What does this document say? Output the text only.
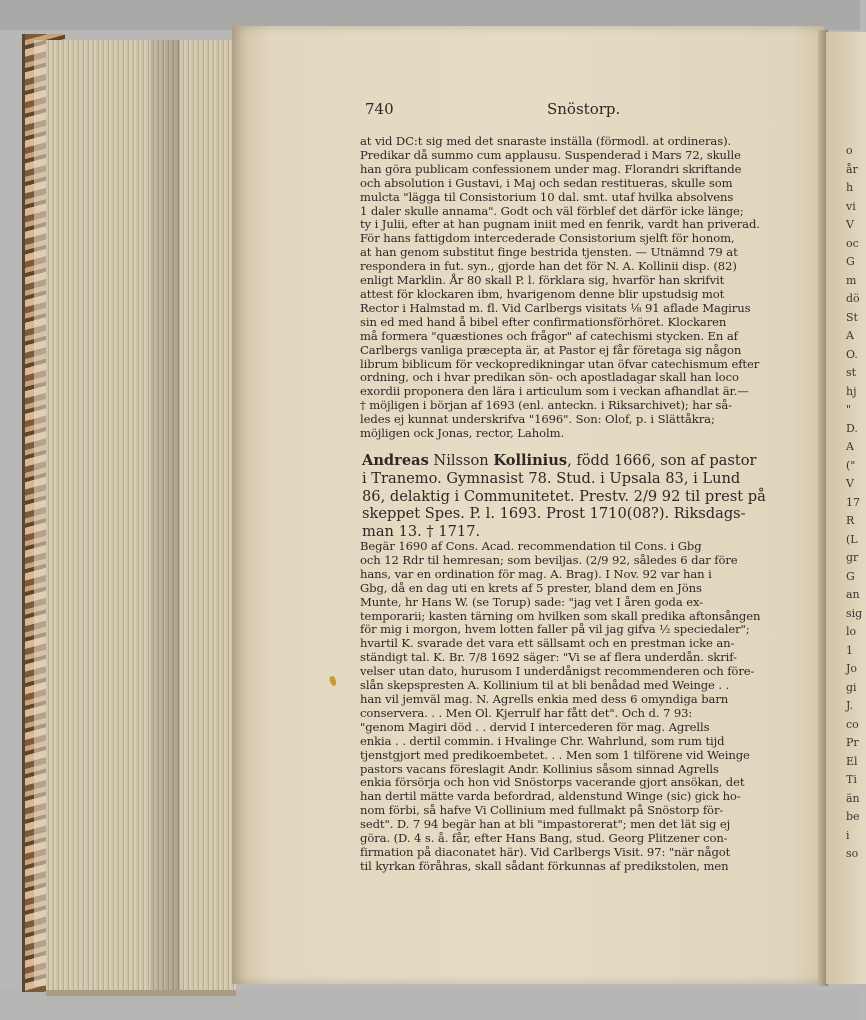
740	Snöstorp.
at vid DC:t sig med det snaraste inställa (förmodl. at ordineras).
Predikar då summo cum applausu. Suspenderad i Mars 72, skulle
han göra publicam confessionem under mag. Florandri skriftande
och absolution i Gustavi, i Maj och sedan restitueras, skulle som
mulcta "lägga til Consistorium 10 dal. smt. utaf hvilka absolvens
1 daler skulle annama". Godt och väl förblef det därför icke länge;
ty i Julii, efter at han pugnam iniit med en fenrik, vardt han priverad.
För hans fattigdom intercederade Consistorium sjelft för honom,
at han genom substitut finge bestrida tjensten. — Utnämnd 79 at
respondera in fut. syn., gjorde han det för N. A. Kollinii disp. (82)
enligt Marklin. År 80 skall P. l. förklara sig, hvarför han skrifvit
attest för klockaren ibm, hvarigenom denne blir upstudsig mot
Rector i Halmstad m. fl. Vid Carlbergs visitats ⅛ 91 aflade Magirus
sin ed med hand å bibel efter confirmationsförhöret. Klockaren
må formera "quæstiones och frågor" af catechismi stycken. En af
Carlbergs vanliga præcepta är, at Pastor ej får företaga sig någon
librum biblicum för veckopredikningar utan öfvar catechismum efter
ordning, och i hvar predikan sön- och apostladagar skall han loco
exordii proponera den lära i articulum som i veckan afhandlat är.—
† möjligen i början af 1693 (enl. anteckn. i Riksarchivet); har så-
ledes ej kunnat underskrifva "1696". Son: Olof, p. i Slättåkra;
möjligen ock Jonas, rector, Laholm.
Andreas Nilsson Kollinius, född 1666, son af pastor
i Tranemo. Gymnasist 78. Stud. i Upsala 83, i Lund
86, delaktig i Communitetet. Prestv. 2/9 92 til prest på
skeppet Spes. P. l. 1693. Prost 1710(08?). Riksdags-
man 13. † 1717.
Begär 1690 af Cons. Acad. recommendation til Cons. i Gbg
och 12 Rdr til hemresan; som beviljas. (2/9 92, således 6 dar före
hans, var en ordination för mag. A. Brag). I Nov. 92 var han i
Gbg, då en dag uti en krets af 5 prester, bland dem en Jöns
Munte, hr Hans W. (se Torup) sade: "jag vet I åren goda ex-
temporarii; kasten tärning om hvilken som skall predika aftonsången
för mig i morgon, hvem lotten faller på vil jag gifva ½ speciedaler";
hvartil K. svarade det vara ett sällsamt och en prestman icke an-
ständigt tal. K. Br. 7/8 1692 säger: "Vi se af flera underdån. skrif-
velser utan dato, hurusom I underdånigst recommenderen och före-
slån skepspresten A. Kollinium til at bli benådad med Weinge . .
han vil jemväl mag. N. Agrells enkia med dess 6 omyndiga barn
conservera. . . Men Ol. Kjerrulf har fått det". Och d. 7 93:
"genom Magiri död . . dervid I intercederen för mag. Agrells
enkia . . dertil commin. i Hvalinge Chr. Wahrlund, som rum tijd
tjenstgjort med predikoembetet. . . Men som 1 tilförene vid Weinge
pastors vacans föreslagit Andr. Kollinius såsom sinnad Agrells
enkia försörja och hon vid Snöstorps vacerande gjort ansökan, det
han dertil mätte varda befordrad, aldenstund Winge (sic) gick ho-
nom förbi, så hafve Vi Collinium med fullmakt på Snöstorp för-
sedt". D. 7 94 begär han at bli "impastorerat"; men det lät sig ej
göra. (D. 4 s. å. får, efter Hans Bang, stud. Georg Plitzener con-
firmation på diaconatet här). Vid Carlbergs Visit. 97: "när något
til kyrkan föråhras, skall sådant förkunnas af predikstolen, men
o
år
h
vi
V
oc
G
m
dö
St
A
O.
st
hj
"
D.
A
("
V
17
R
(L
gr
G
an
sig
lo
1
Jo
gi
J.
co
Pr
El
Ti
än
be
i
so
